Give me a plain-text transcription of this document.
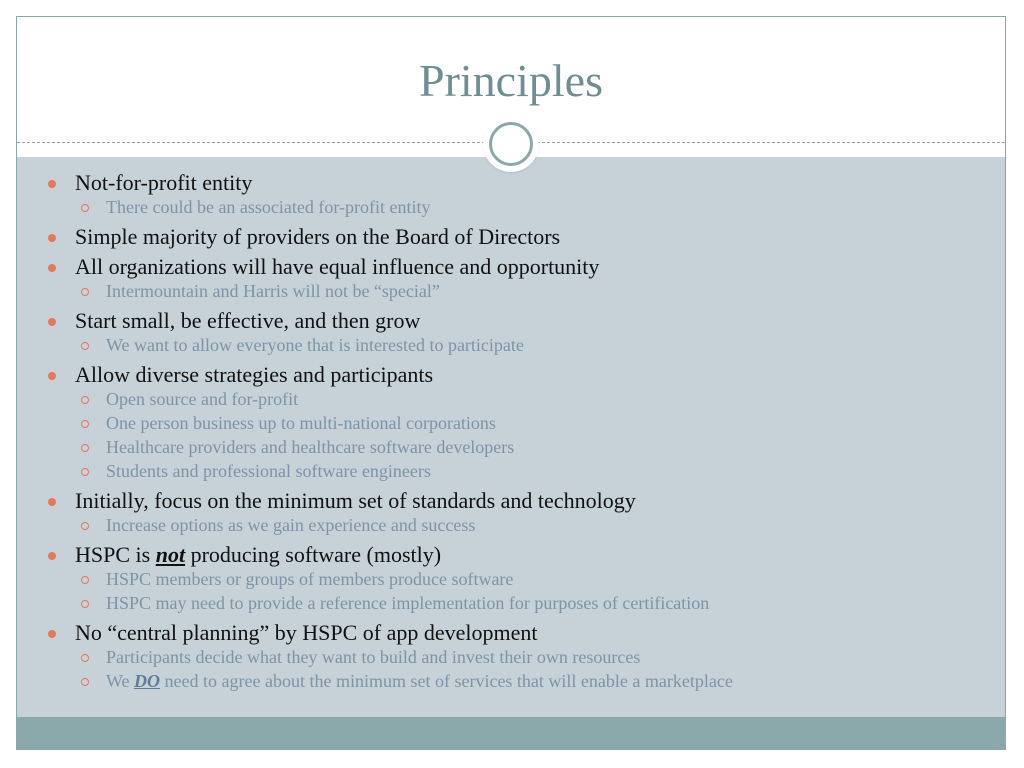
Principles
Not-for-profit entity
There could be an associated for-profit entity
Simple majority of providers on the Board of Directors
All organizations will have equal influence and opportunity
Intermountain and Harris will not be “special”
Start small, be effective, and then grow
We want to allow everyone that is interested to participate
Allow diverse strategies and participants
Open source and for-profit
One person business up to multi-national corporations
Healthcare providers and healthcare software developers
Students and professional software engineers
Initially, focus on the minimum set of standards and technology
Increase options as we gain experience and success
HSPC is not producing software (mostly)
HSPC members or groups of members produce software
HSPC may need to provide a reference implementation for purposes of certification
No “central planning” by HSPC of app development
Participants decide what they want to build and invest their own resources
We DO need to agree about the minimum set of services that will enable a marketplace
